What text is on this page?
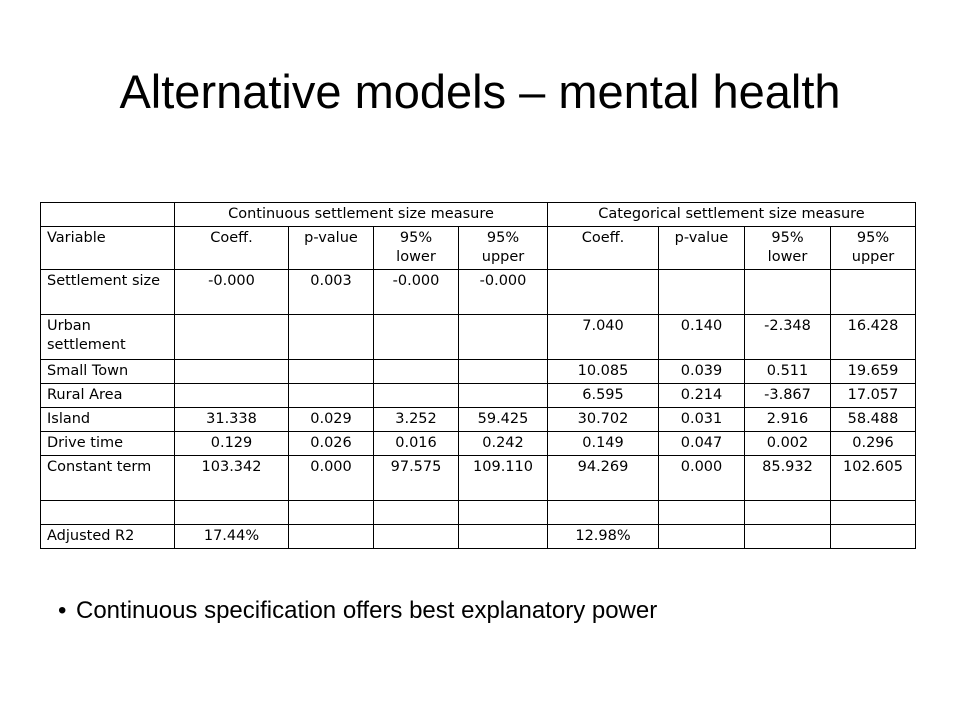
Alternative models – mental health
	Continuous settlement size measure				Categorical settlement size measure			
Variable	Coeff.	p-value	95% lower	95% upper	Coeff.	p-value	95% lower	95% upper
Settlement size	-0.000	0.003	-0.000	-0.000				
Urban settlement					7.040	0.140	-2.348	16.428
Small Town					10.085	0.039	0.511	19.659
Rural Area					6.595	0.214	-3.867	17.057
Island	31.338	0.029	3.252	59.425	30.702	0.031	2.916	58.488
Drive time	0.129	0.026	0.016	0.242	0.149	0.047	0.002	0.296
Constant term	103.342	0.000	97.575	109.110	94.269	0.000	85.932	102.605

Adjusted R2	17.44%				12.98%			
• Continuous specification offers best explanatory power
